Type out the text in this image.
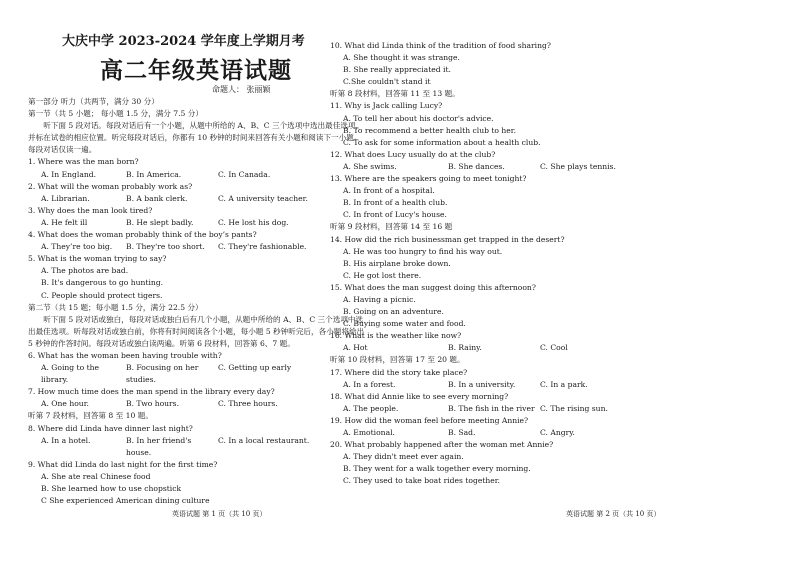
大庆中学 2023-2024 学年度上学期月考
高二年级英语试题
命题人： 张丽颖
第一部分 听力（共两节，满分 30 分）
第一节（共 5 小题； 每小题 1.5 分，满分 7.5 分）
听下面 5 段对话。每段对话后有一个小题，从题中所给的 A、B、C 三个选项中选出最佳选项，并标在试卷的相应位置。听完每段对话后，你都有 10 秒钟的时间来回答有关小题和阅读下一小题。每段对话仅读一遍。
1. Where was the man born?
A. In England.	B. In America.	C. In Canada.
2. What will the woman probably work as?
A. Librarian.	B. A bank clerk.	C. A university teacher.
3. Why does the man look tired?
A. He felt ill	B. He slept badly.	C. He lost his dog.
4. What does the woman probably think of the boy’s pants?
A. They’re too big.	B. They're too short.	C. They're fashionable.
5. What is the woman trying to say?
A. The photos are bad.
B. It's dangerous to go hunting.
C. People should protect tigers.
第二节（共 15 题；每小题 1.5 分，满分 22.5 分）
听下面 5 段对话或独白，每段对话或独白后有几个小题，从题中所给的 A、B、C 三个选项中选出最佳选项。听每段对话或独白前，你将有时间阅读各个小题，每小题 5 秒钟听完后，各小题将给出 5 秒钟的作答时间。每段对话或独白读两遍。听第 6 段材料，回答第 6、7 题。
6. What has the woman been having trouble with?
A. Going to the library.
B. Focusing on her studies.
C. Getting up early
7. How much time does the man spend in the library every day?
A. One hour.	B. Two hours.	C. Three hours.
听第 7 段材料，回答第 8 至 10 题。
8. Where did Linda have dinner last night?
A. In a hotel.	B. In her friend's house.
C. In a local restaurant.
9. What did Linda do last night for the first time?
A. She ate real Chinese food
B. She learned how to use chopstick
C She experienced American dining culture
英语试题 第 1 页（共 10 页）
10. What did Linda think of the tradition of food sharing?
A. She thought it was strange.
B. She really appreciated it.
C.She couldn't stand it
听第 8 段材料，回答第 11 至 13 题。
11. Why is Jack calling Lucy?
A. To tell her about his doctor's advice.
B. To recommend a better health club to her.
C. To ask for some information about a health club.
12. What does Lucy usually do at the club?
A. She swims.	B. She dances.	C. She plays tennis.
13. Where are the speakers going to meet tonight?
A. In front of a hospital.
B. In front of a health club.
C. In front of Lucy's house.
听第 9 段材料，回答第 14 至 16 题
14. How did the rich businessman get trapped in the desert?
A. He was too hungry to find his way out.
B. His airplane broke down.
C. He got lost there.
15. What does the man suggest doing this afternoon?
A. Having a picnic.
B. Going on an adventure.
C. Buying some water and food.
16. What is the weather like now?
A. Hot	B. Rainy.	C. Cool
听第 10 段材料，回答第 17 至 20 题。
17. Where did the story take place?
A. In a forest.	B. In a university.	C. In a park.
18. What did Annie like to see every morning?
A. The people.	B. The fish in the river C. The rising sun.
19. How did the woman feel before meeting Annie?
A. Emotional.	B. Sad.	C. Angry.
20. What probably happened after the woman met Annie?
A. They didn't meet ever again.
B. They went for a walk together every morning.
C. They used to take boat rides together.
英语试题 第 2 页（共 10 页）
